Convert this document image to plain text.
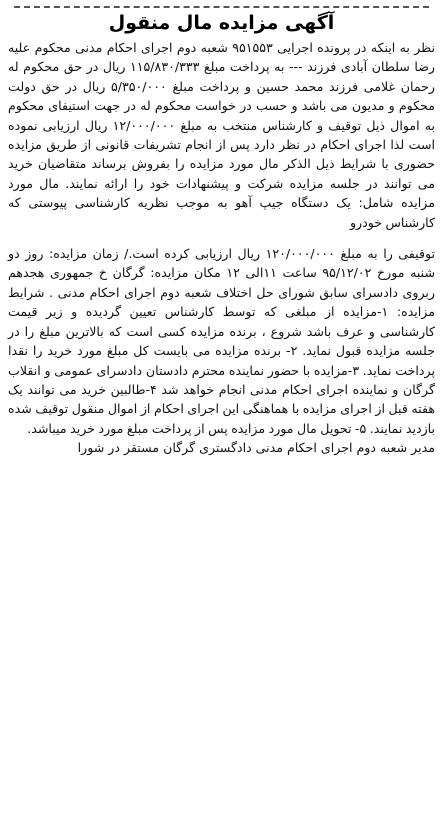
آگهی مزایده مال منقول

نظر به اینکه در پرونده اجرایی ۹۵۱۵۵۳ شعبه دوم اجرای احکام مدنی محکوم علیه رضا سلطان آبادی فرزند --- به پرداخت مبلغ ۱۱۵/۸۳۰/۳۳۳ ریال در حق محکوم له رحمان غلامی فرزند محمد حسین و پرداخت مبلغ ۵/۳۵۰/۰۰۰ ریال در حق دولت محکوم و مدیون می باشد و حسب در خواست محکوم له در جهت استیفای محکوم به اموال ذیل توقیف و کارشناس منتخب به مبلغ ۱۲/۰۰۰/۰۰۰ ریال ارزیابی نموده است لذا اجرای احکام در نظر دارد پس از انجام تشریفات قانونی از طریق مزایده حضوری با شرایط ذیل الذکر مال مورد مزایده را بفروش برساند متقاضیان خرید می توانند در جلسه مزایده شرکت و پیشنهادات خود را ارائه نمایند. مال مورد مزایده شامل: یک دستگاه جیپ آهو به موجب نظریه کارشناسی پیوستی که کارشناس خودرو

توقیفی را به مبلغ ۱۲۰/۰۰۰/۰۰۰ ریال ارزیابی کرده است./ زمان مزایده: روز دو شنبه مورخ ۹۵/۱۲/۰۲ ساعت ۱۱الی ۱۲ مکان مزایده: گرگان خ جمهوری هجدهم ربروی دادسرای سابق شورای حل اختلاف شعبه دوم اجرای احکام مدنی . شرایط مزایده: ۱-مزایده از مبلغی که توسط کارشناس تعیین گردیده و زیر قیمت کارشناسی و عرف باشد شروع ، برنده مزایده کسی است که بالاترین مبلغ را در جلسه مزایده قبول نماید. ۲- برنده مزایده می بایست کل مبلغ مورد خرید را نقدا پرداخت نماید. ۳-مزایده با حضور نماینده محترم دادستان دادسرای عمومی و انقلاب گرگان و نماینده اجرای احکام مدنی انجام خواهد شد ۴-طالبین خرید می توانند یک هفته قبل از اجرای مزایده با هماهنگی این اجرای احکام از اموال منقول توقیف شده بازدید نمایند. ۵- تحویل مال مورد مزایده پس از پرداخت مبلغ مورد خرید میباشد.

مدیر شعبه دوم اجرای احکام مدنی دادگستری گرگان مستقر در شورا
